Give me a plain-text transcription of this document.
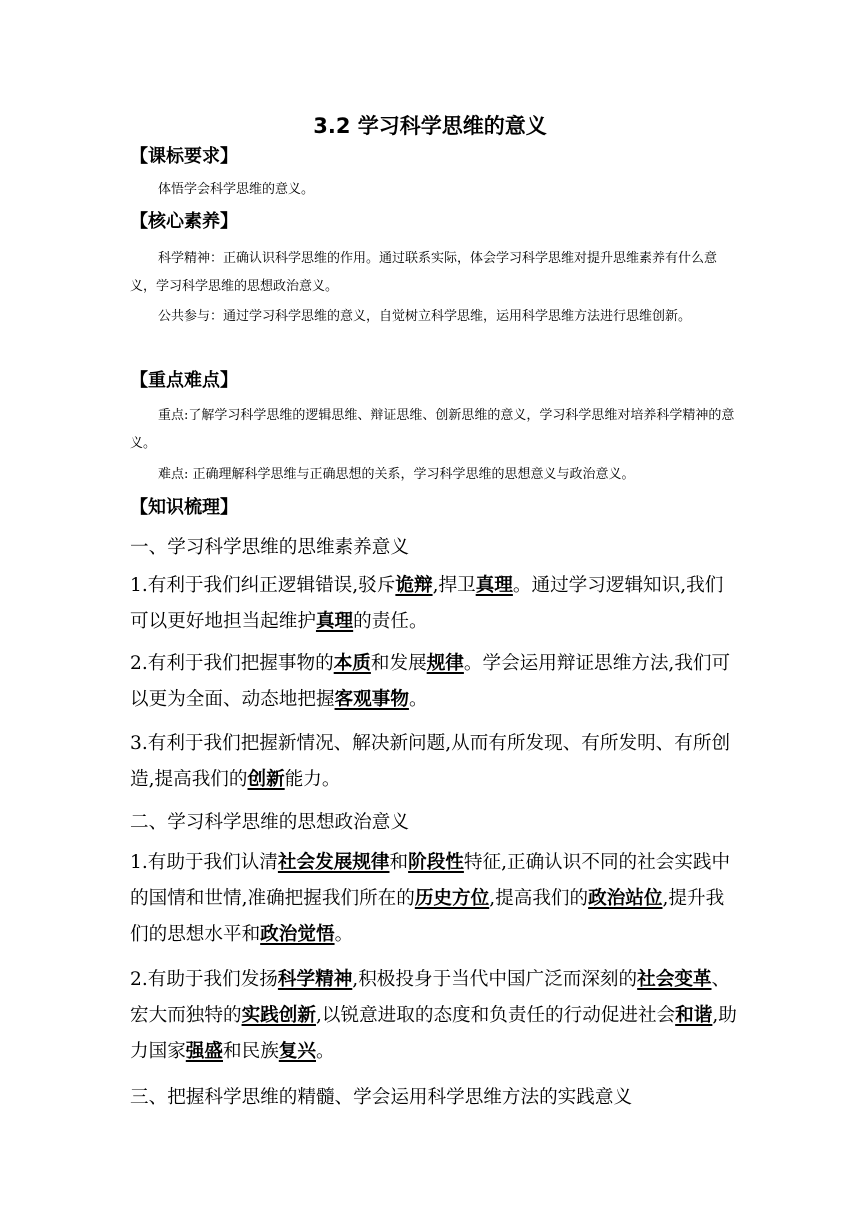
3.2 学习科学思维的意义
【课标要求】
体悟学会科学思维的意义。
【核心素养】
科学精神：正确认识科学思维的作用。通过联系实际，体会学习科学思维对提升思维素养有什么意义，学习科学思维的思想政治意义。
公共参与：通过学习科学思维的意义，自觉树立科学思维，运用科学思维方法进行思维创新。
【重点难点】
重点:了解学习科学思维的逻辑思维、辩证思维、创新思维的意义，学习科学思维对培养科学精神的意义。
难点: 正确理解科学思维与正确思想的关系，学习科学思维的思想意义与政治意义。
【知识梳理】
一、学习科学思维的思维素养意义
1.有利于我们纠正逻辑错误,驳斥诡辩,捍卫真理。通过学习逻辑知识,我们可以更好地担当起维护真理的责任。
2.有利于我们把握事物的本质和发展规律。学会运用辩证思维方法,我们可以更为全面、动态地把握客观事物。
3.有利于我们把握新情况、解决新问题,从而有所发现、有所发明、有所创造,提高我们的创新能力。
二、学习科学思维的思想政治意义
1.有助于我们认清社会发展规律和阶段性特征,正确认识不同的社会实践中的国情和世情,准确把握我们所在的历史方位,提高我们的政治站位,提升我们的思想水平和政治觉悟。
2.有助于我们发扬科学精神,积极投身于当代中国广泛而深刻的社会变革、宏大而独特的实践创新,以锐意进取的态度和负责任的行动促进社会和谐,助力国家强盛和民族复兴。
三、把握科学思维的精髓、学会运用科学思维方法的实践意义
